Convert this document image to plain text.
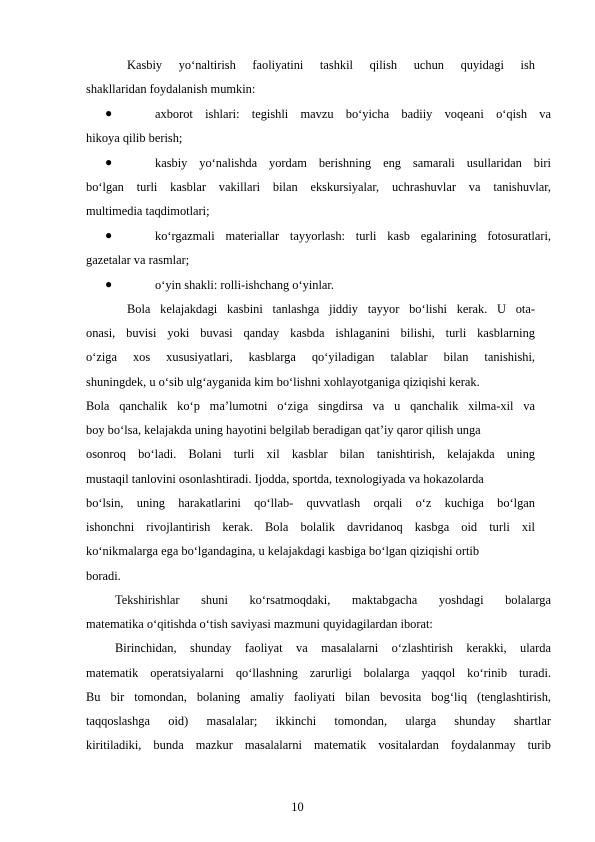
Kasbiy yo‘naltirish faoliyatini tashkil qilish uchun quyidagi ish
shakllaridan foydalanish mumkin:
●	axborot ishlari: tegishli mavzu bo‘yicha badiiy voqeani o‘qish va
hikoya qilib berish;
●	kasbiy yo‘nalishda yordam berishning eng samarali usullaridan biri
bo‘lgan turli kasblar vakillari bilan ekskursiyalar, uchrashuvlar va tanishuvlar,
multimedia taqdimotlari;
●	ko‘rgazmali materiallar tayyorlash: turli kasb egalarining fotosuratlari,
gazetalar va rasmlar;
●	o‘yin shakli: rolli-ishchang o‘yinlar.
Bola kelajakdagi kasbini tanlashga jiddiy tayyor bo‘lishi kerak. U ota-
onasi, buvisi yoki buvasi qanday kasbda ishlaganini bilishi, turli kasblarning
o‘ziga xos xususiyatlari, kasblarga qo‘yiladigan talablar bilan tanishishi,
shuningdek, u o‘sib ulg‘ayganida kim bo‘lishni xohlayotganiga qiziqishi kerak.
Bola qanchalik ko‘p ma’lumotni o‘ziga singdirsa va u qanchalik xilma-xil va
boy bo‘lsa, kelajakda uning hayotini belgilab beradigan qat’iy qaror qilish unga
osonroq bo‘ladi. Bolani turli xil kasblar bilan tanishtirish, kelajakda uning
mustaqil tanlovini osonlashtiradi. Ijodda, sportda, texnologiyada va hokazolarda
bo‘lsin, uning harakatlarini qo‘llab- quvvatlash orqali o‘z kuchiga bo‘lgan
ishonchni rivojlantirish kerak. Bola bolalik davridanoq kasbga oid turli xil
ko‘nikmalarga ega bo‘lgandagina, u kelajakdagi kasbiga bo‘lgan qiziqishi ortib
boradi.
Tekshirishlar shuni ko‘rsatmoqdaki, maktabgacha yoshdagi bolalarga
matematika o‘qitishda o‘tish saviyasi mazmuni quyidagilardan iborat:
Birinchidan, shunday faoliyat va masalalarni o‘zlashtirish kerakki, ularda
matematik operatsiyalarni qo‘llashning zarurligi bolalarga yaqqol ko‘rinib turadi.
Bu bir tomondan, bolaning amaliy faoliyati bilan bevosita bog‘liq (tenglashtirish,
taqqoslashga oid) masalalar; ikkinchi tomondan, ularga shunday shartlar
kiritiladiki, bunda mazkur masalalarni matematik vositalardan foydalanmay turib
10
